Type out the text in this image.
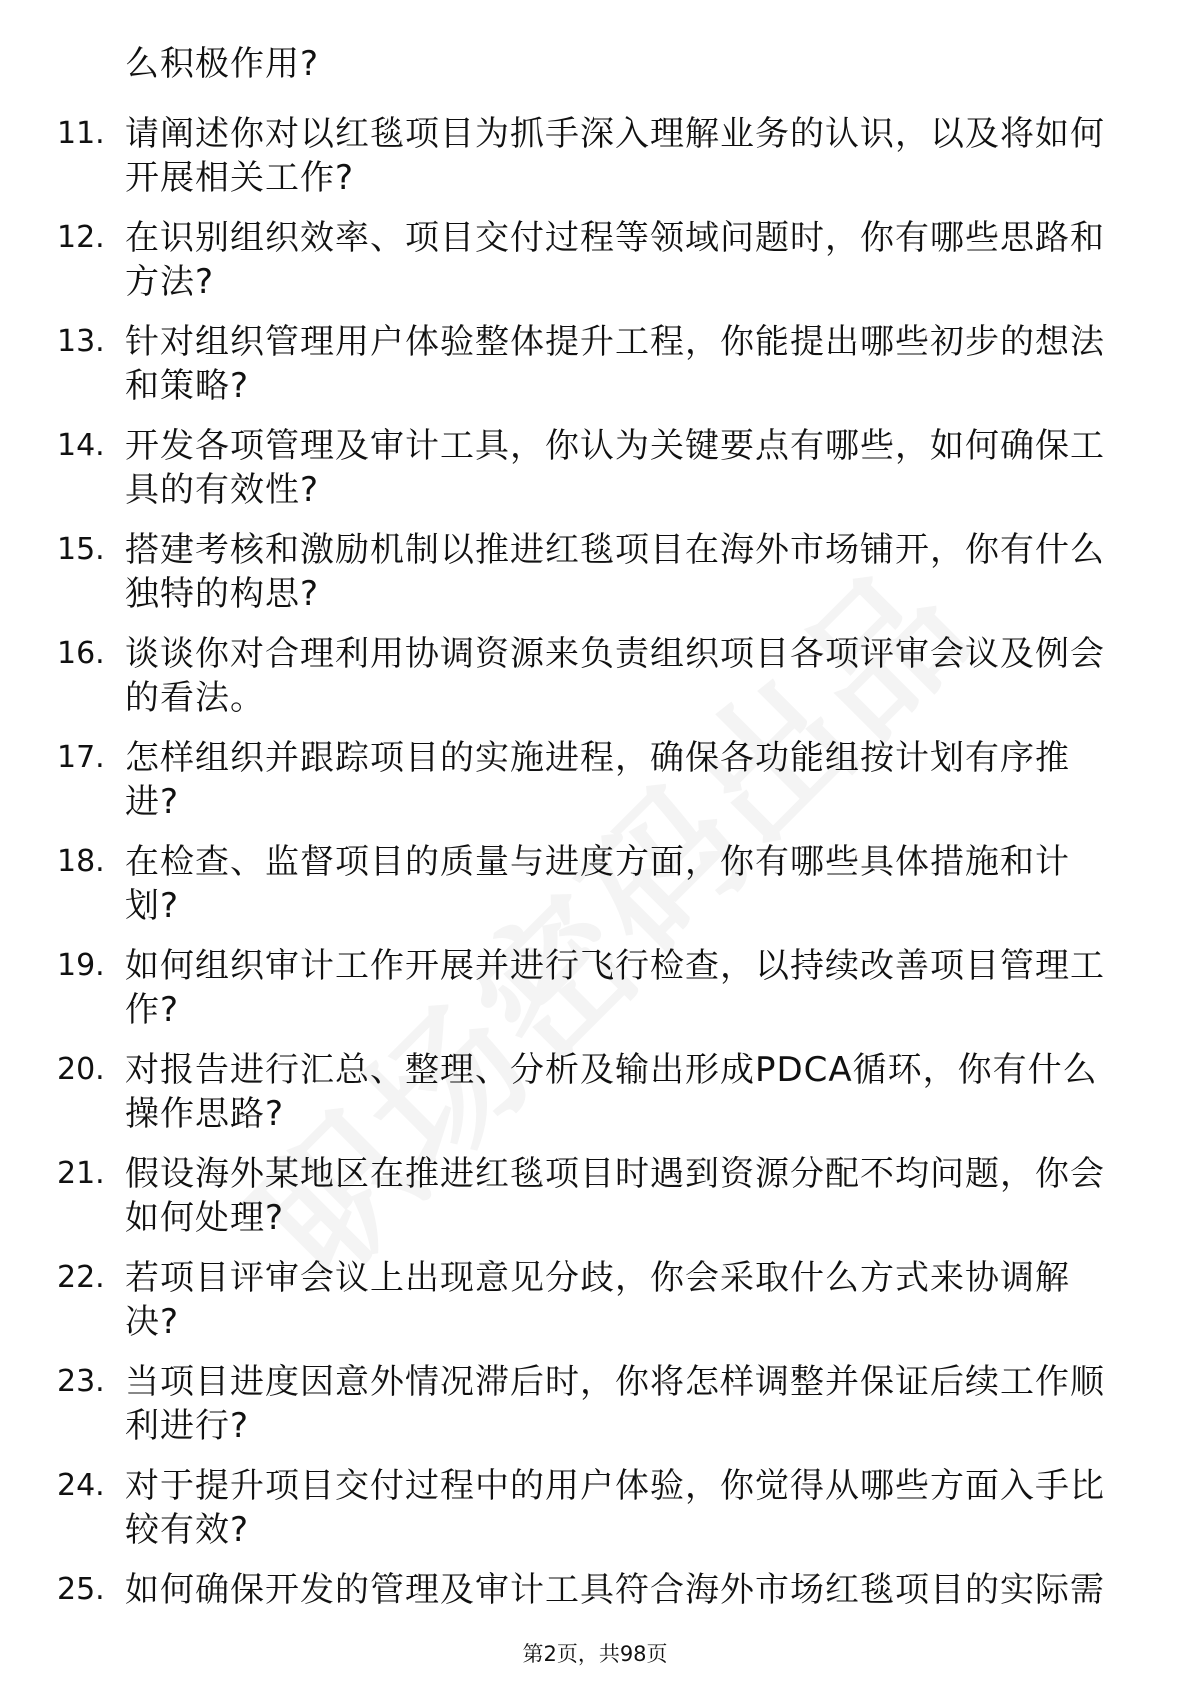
么积极作用?
11. 请阐述你对以红毯项目为抓手深入理解业务的认识，以及将如何开展相关工作?
12. 在识别组织效率、项目交付过程等领域问题时，你有哪些思路和方法?
13. 针对组织管理用户体验整体提升工程，你能提出哪些初步的想法和策略?
14. 开发各项管理及审计工具，你认为关键要点有哪些，如何确保工具的有效性?
15. 搭建考核和激励机制以推进红毯项目在海外市场铺开，你有什么独特的构思?
16. 谈谈你对合理利用协调资源来负责组织项目各项评审会议及例会的看法。
17. 怎样组织并跟踪项目的实施进程，确保各功能组按计划有序推进?
18. 在检查、监督项目的质量与进度方面，你有哪些具体措施和计划?
19. 如何组织审计工作开展并进行飞行检查，以持续改善项目管理工作?
20. 对报告进行汇总、整理、分析及输出形成PDCA循环，你有什么操作思路?
21. 假设海外某地区在推进红毯项目时遇到资源分配不均问题，你会如何处理?
22. 若项目评审会议上出现意见分歧，你会采取什么方式来协调解决?
23. 当项目进度因意外情况滞后时，你将怎样调整并保证后续工作顺利进行?
24. 对于提升项目交付过程中的用户体验，你觉得从哪些方面入手比较有效?
25. 如何确保开发的管理及审计工具符合海外市场红毯项目的实际需
第2页，共98页
